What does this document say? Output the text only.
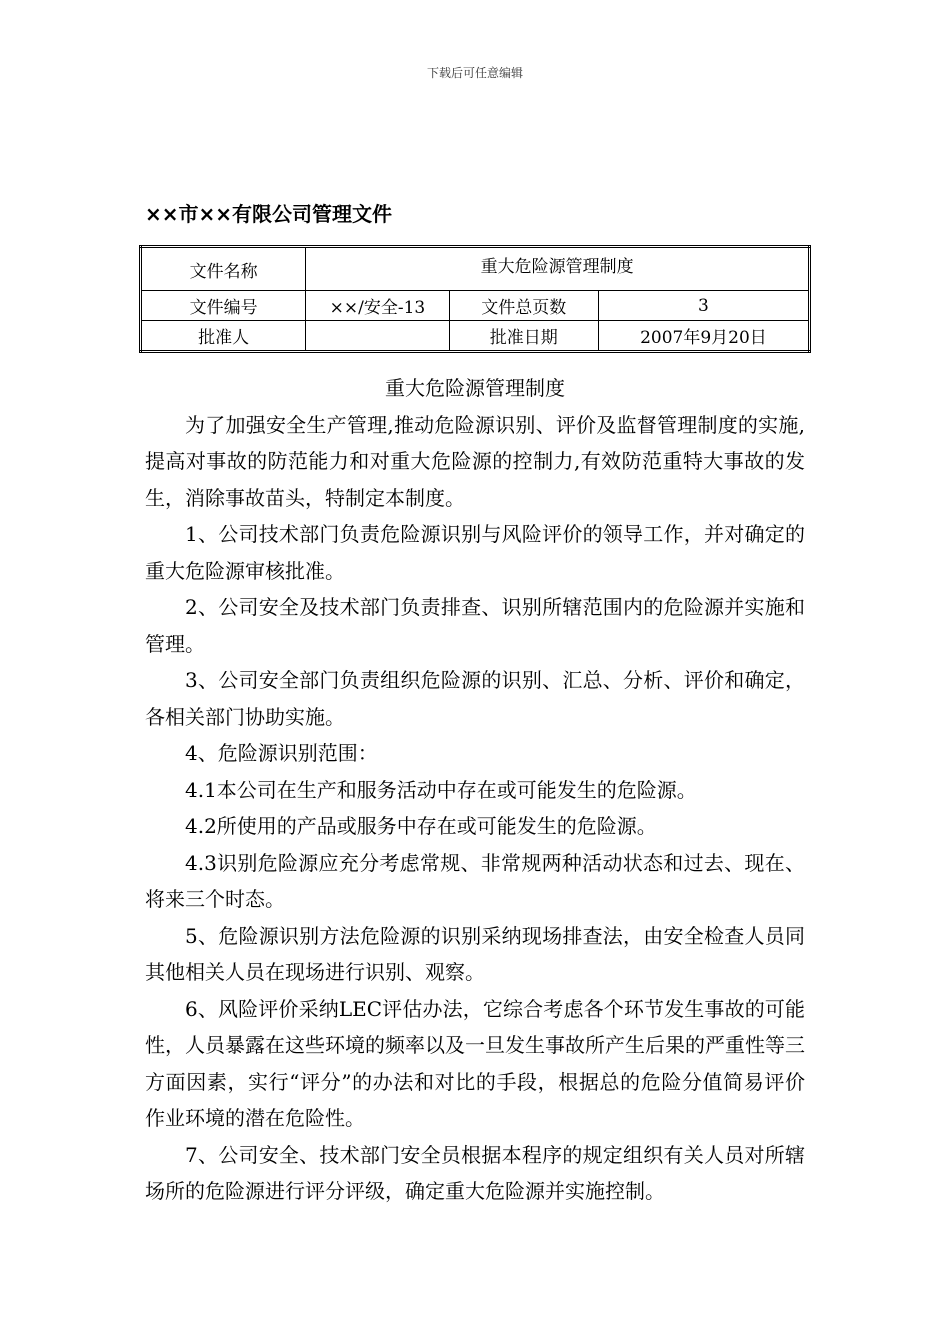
下载后可任意编辑
××市××有限公司管理文件
文件名称	重大危险源管理制度		
文件编号	××/安全-13	文件总页数	3
批准人		批准日期	2007年9月20日
重大危险源管理制度

为了加强安全生产管理,推动危险源识别、评价及监督管理制度的实施,提高对事故的防范能力和对重大危险源的控制力,有效防范重特大事故的发生，消除事故苗头，特制定本制度。

1、公司技术部门负责危险源识别与风险评价的领导工作，并对确定的重大危险源审核批准。

2、公司安全及技术部门负责排查、识别所辖范围内的危险源并实施和管理。

3、公司安全部门负责组织危险源的识别、汇总、分析、评价和确定，各相关部门协助实施。

4、危险源识别范围：

4.1本公司在生产和服务活动中存在或可能发生的危险源。

4.2所使用的产品或服务中存在或可能发生的危险源。

4.3识别危险源应充分考虑常规、非常规两种活动状态和过去、现在、将来三个时态。

5、危险源识别方法危险源的识别采纳现场排查法，由安全检查人员同其他相关人员在现场进行识别、观察。

6、风险评价采纳LEC评估办法，它综合考虑各个环节发生事故的可能性，人员暴露在这些环境的频率以及一旦发生事故所产生后果的严重性等三方面因素，实行“评分”的办法和对比的手段，根据总的危险分值简易评价作业环境的潜在危险性。

7、公司安全、技术部门安全员根据本程序的规定组织有关人员对所辖场所的危险源进行评分评级，确定重大危险源并实施控制。
